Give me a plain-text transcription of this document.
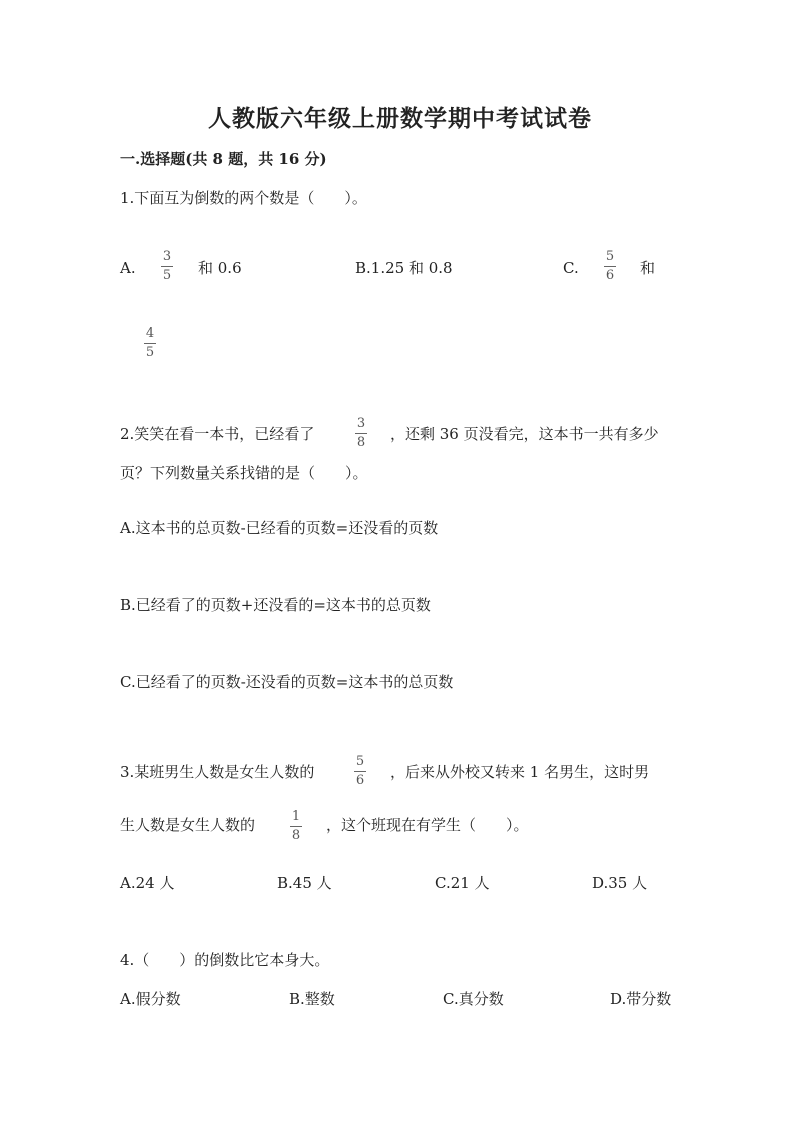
人教版六年级上册数学期中考试试卷
一.选择题(共 8 题，共 16 分)
1.下面互为倒数的两个数是（　　）。
A.
3
5 和 0.6	B.1.25 和 0.8	C.
5
6 和
4
5
2.笑笑在看一本书，已经看了
3
8 ，还剩 36 页没看完，这本书一共有多少
页？下列数量关系找错的是（　　）。
A.这本书的总页数-已经看的页数=还没看的页数
B.已经看了的页数+还没看的=这本书的总页数
C.已经看了的页数-还没看的页数=这本书的总页数
3.某班男生人数是女生人数的
5
6 ，后来从外校又转来 1 名男生，这时男
生人数是女生人数的	1
8
，这个班现在有学生（　　）。
A.24 人	B.45 人	C.21 人	D.35 人
4.（　　）的倒数比它本身大。
A.假分数	B.整数	C.真分数	D.带分数
